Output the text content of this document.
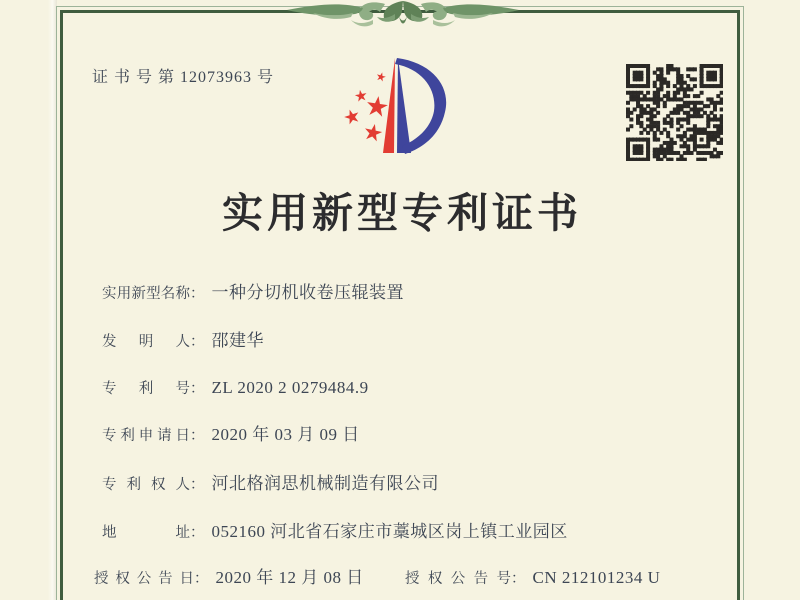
证 书 号 第 12073963 号
实用新型专利证书
实用新型名称： 一种分切机收卷压辊装置
发明人： 邵建华
专利号： ZL 2020 2 0279484.9
专利申请日： 2020 年 03 月 09 日
专利权人： 河北格润思机械制造有限公司
地址： 052160 河北省石家庄市藁城区岗上镇工业园区
授权公告日： 2020 年 12 月 08 日	授权公告号： CN 212101234 U
